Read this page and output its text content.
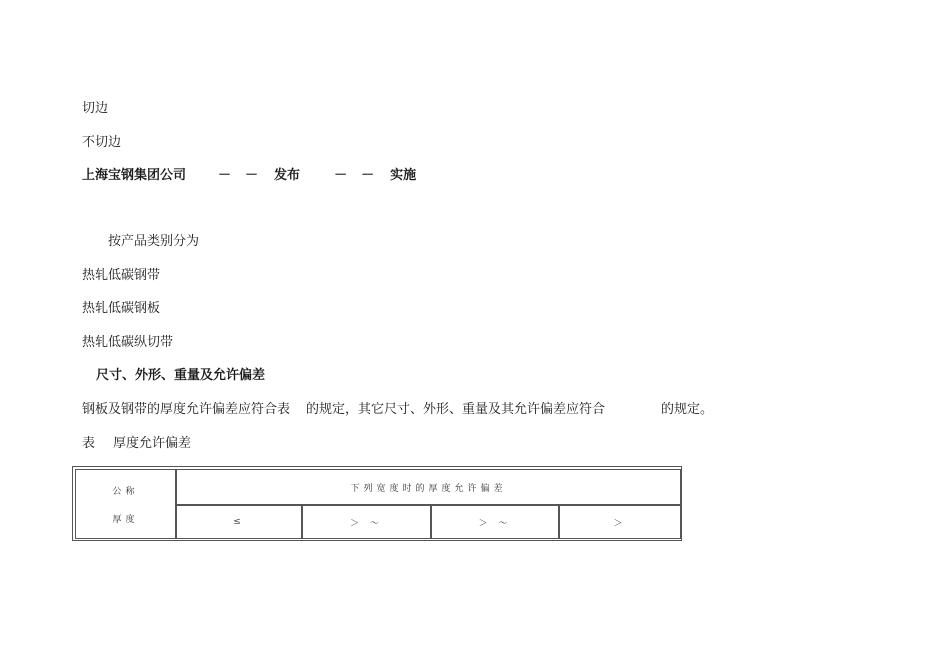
切边
不切边
上海宝钢集团公司 － － 发布	－ － 实施
按产品类别分为
热轧低碳钢带
热轧低碳钢板
热轧低碳纵切带
尺寸、外形、重量及允许偏差
钢板及钢带的厚度允许偏差应符合表 的规定，其它尺寸、外形、重量及其允许偏差应符合	的规定。
表 厚度允许偏差
公称
厚度
下列宽度时的厚度允许偏差
≤	＞ ～	＞ ～	＞
